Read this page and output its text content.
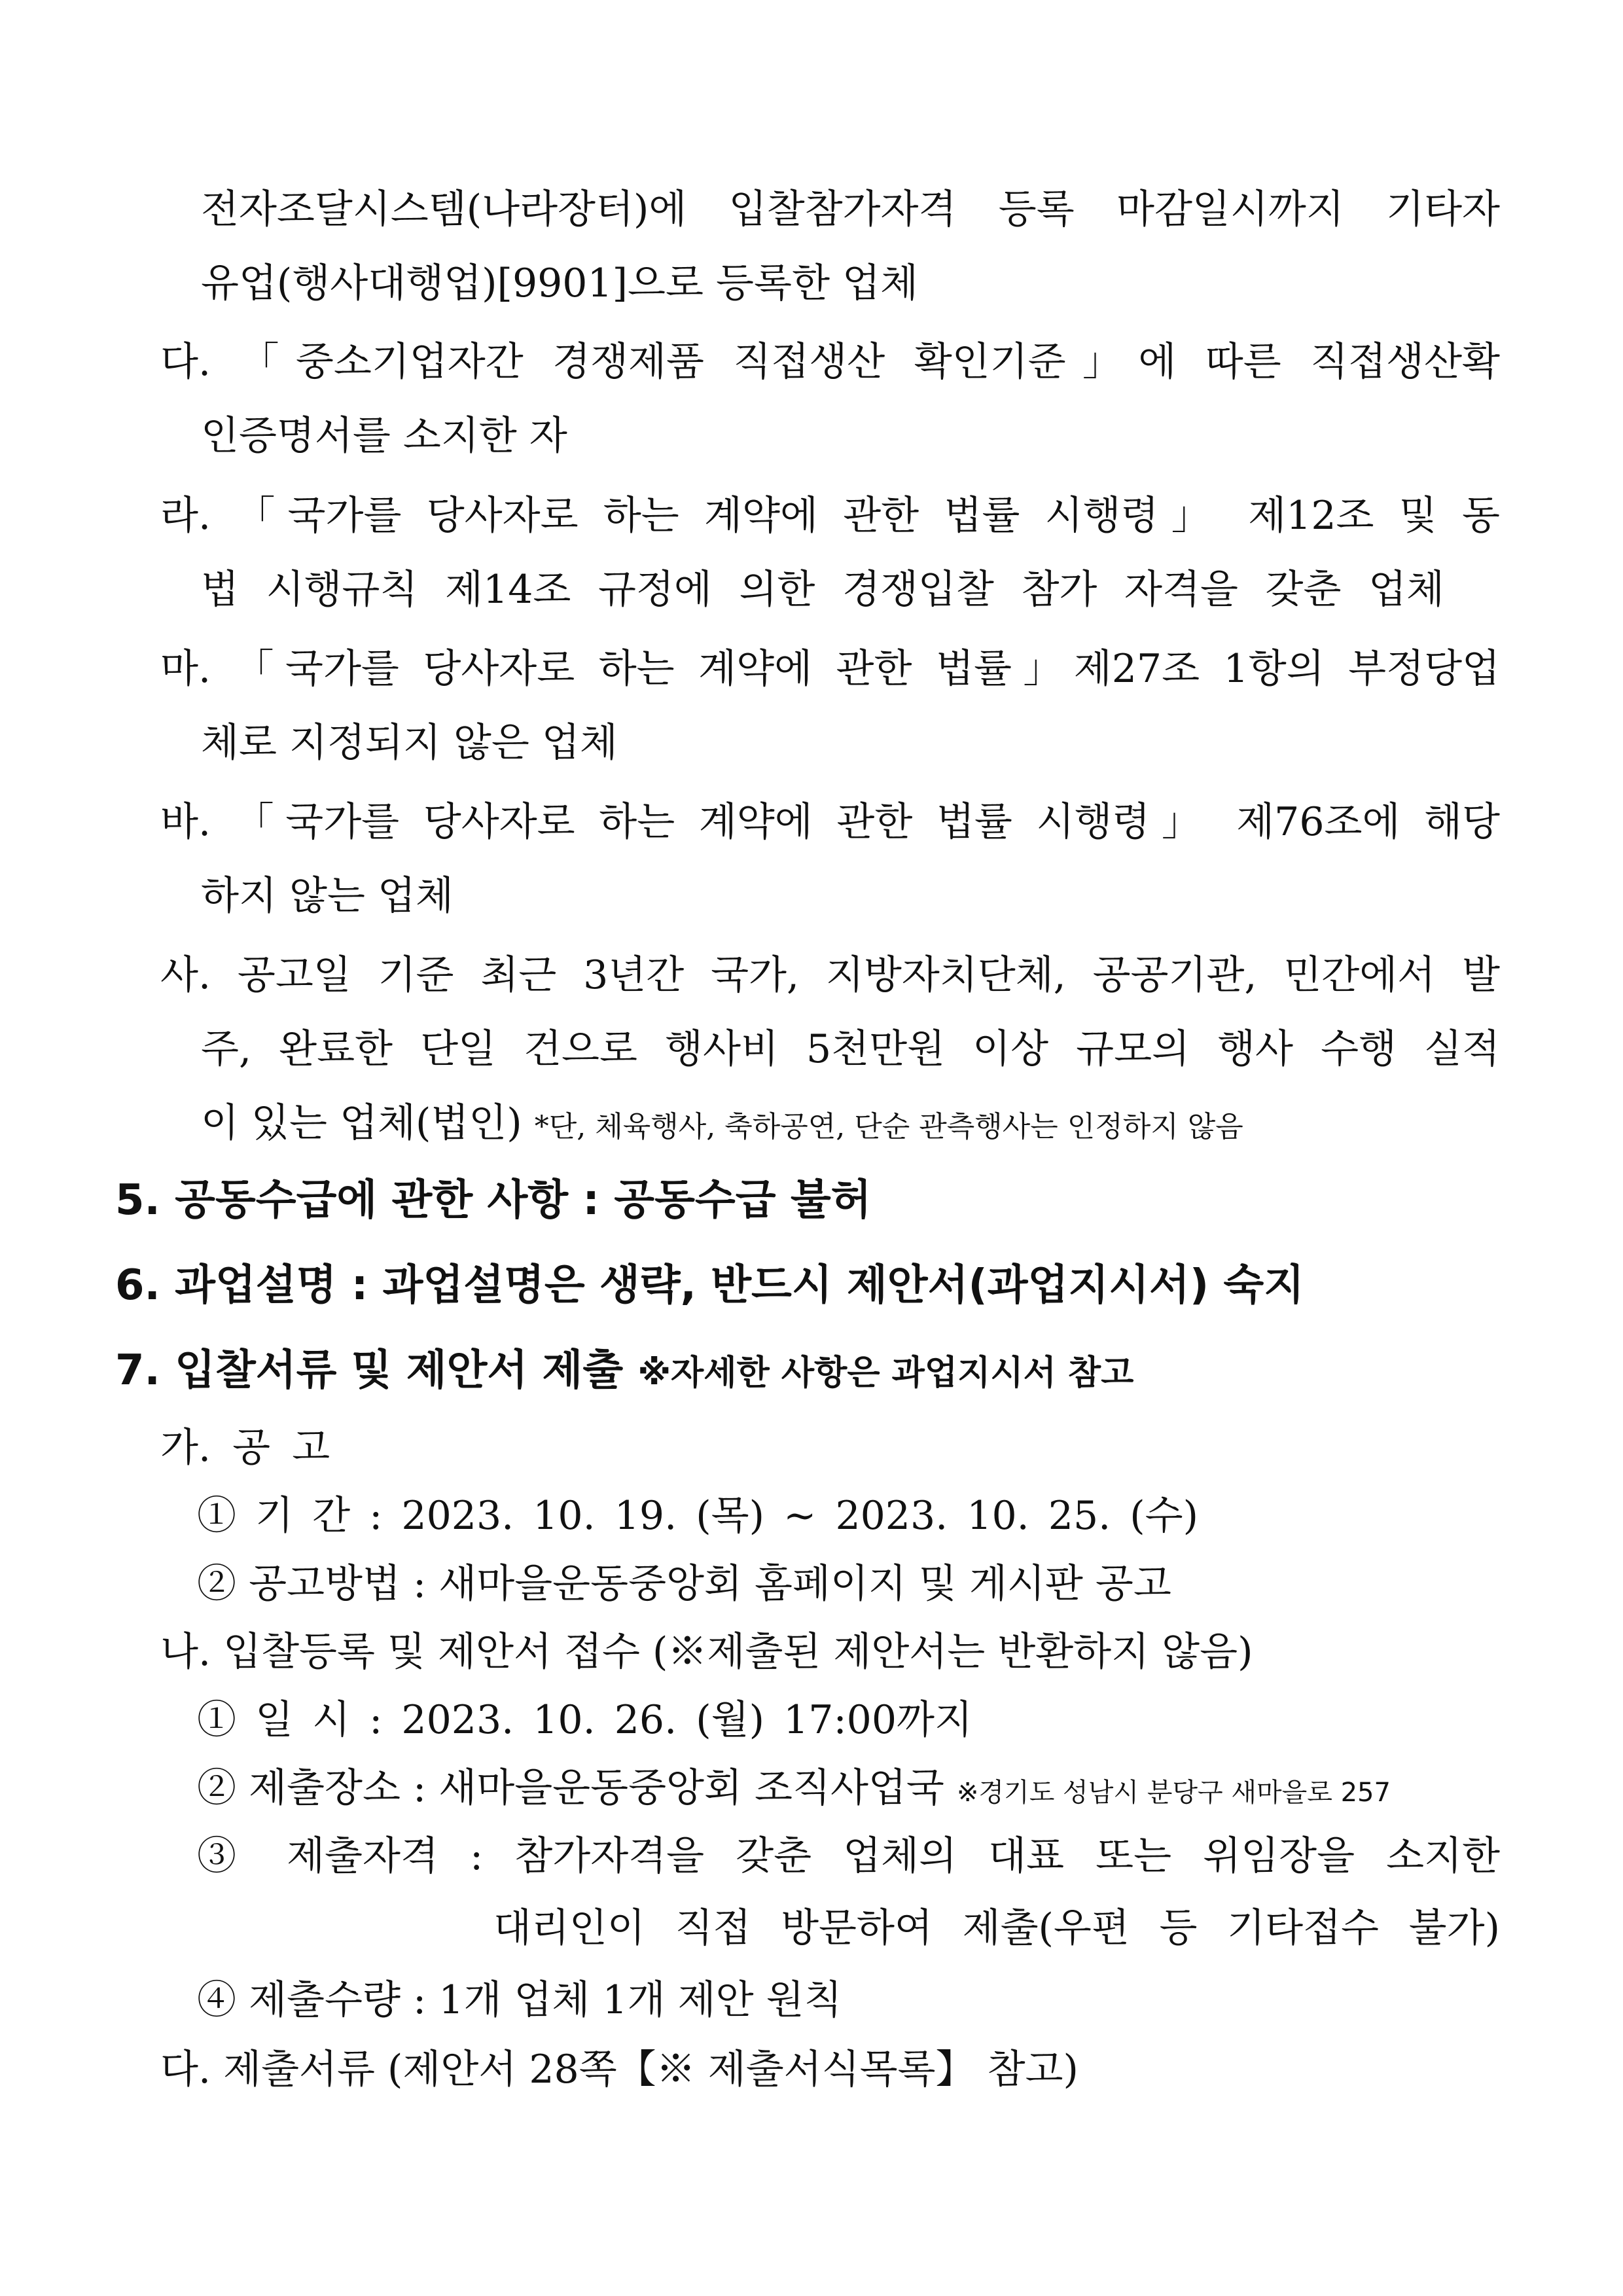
전자조달시스템(나라장터)에 입찰참가자격 등록 마감일시까지 기타자
유업(행사대행업)[9901]으로 등록한 업체
다. 「중소기업자간 경쟁제품 직접생산 확인기준」에 따른 직접생산확
인증명서를 소지한 자
라. 「국가를 당사자로 하는 계약에 관한 법률 시행령」 제12조 및 동
법 시행규칙 제14조 규정에 의한 경쟁입찰 참가 자격을 갖춘 업체
마. 「국가를 당사자로 하는 계약에 관한 법률」제27조 1항의 부정당업
체로 지정되지 않은 업체
바. 「국가를 당사자로 하는 계약에 관한 법률 시행령」 제76조에 해당
하지 않는 업체
사. 공고일 기준 최근 3년간 국가, 지방자치단체, 공공기관, 민간에서 발
주, 완료한 단일 건으로 행사비 5천만원 이상 규모의 행사 수행 실적
이 있는 업체(법인) *단, 체육행사, 축하공연, 단순 관측행사는 인정하지 않음
5. 공동수급에 관한 사항 : 공동수급 불허
6. 과업설명 : 과업설명은 생략, 반드시 제안서(과업지시서) 숙지
7. 입찰서류 및 제안서 제출 ※자세한 사항은 과업지시서 참고
가. 공 고
① 기 간 : 2023. 10. 19. (목) ~ 2023. 10. 25. (수)
② 공고방법 : 새마을운동중앙회 홈페이지 및 게시판 공고
나. 입찰등록 및 제안서 접수 (※제출된 제안서는 반환하지 않음)
① 일 시 : 2023. 10. 26. (월) 17:00까지
② 제출장소 : 새마을운동중앙회 조직사업국 ※경기도 성남시 분당구 새마을로 257
③ 제출자격 : 참가자격을 갖춘 업체의 대표 또는 위임장을 소지한
대리인이 직접 방문하여 제출(우편 등 기타접수 불가)
④ 제출수량 : 1개 업체 1개 제안 원칙
다. 제출서류 (제안서 28쪽【※ 제출서식목록】 참고)
